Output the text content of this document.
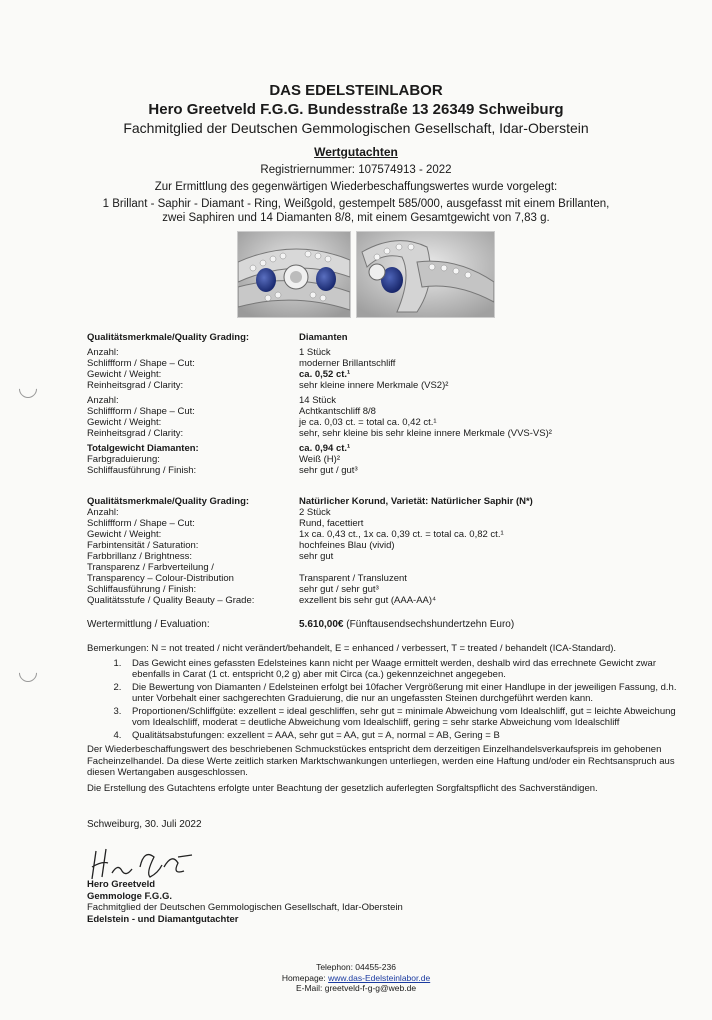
DAS EDELSTEINLABOR
Hero Greetveld F.G.G. Bundesstraße 13 26349 Schweiburg
Fachmitglied der Deutschen Gemmologischen Gesellschaft, Idar-Oberstein
Wertgutachten
Registriernummer: 107574913 - 2022
Zur Ermittlung des gegenwärtigen Wiederbeschaffungswertes wurde vorgelegt:
1 Brillant - Saphir - Diamant - Ring, Weißgold, gestempelt 585/000, ausgefasst mit einem Brillanten,
zwei Saphiren und 14 Diamanten 8/8, mit einem Gesamtgewicht von 7,83 g.
Qualitätsmerkmale/Quality Grading:	Diamanten
Anzahl:	1 Stück
Schliffform / Shape – Cut:	moderner Brillantschliff
Gewicht / Weight:	ca. 0,52 ct.¹
Reinheitsgrad / Clarity:	sehr kleine innere Merkmale (VS2)²
Anzahl:	14 Stück
Schliffform / Shape – Cut:	Achtkantschliff 8/8
Gewicht / Weight:	je ca. 0,03 ct. = total ca. 0,42 ct.¹
Reinheitsgrad / Clarity:	sehr, sehr kleine bis sehr kleine innere Merkmale (VVS-VS)²
Totalgewicht Diamanten:	ca. 0,94 ct.¹
Farbgraduierung:	Weiß (H)²
Schliffausführung / Finish:	sehr gut / gut³
Qualitätsmerkmale/Quality Grading:	Natürlicher Korund, Varietät: Natürlicher Saphir (N*)
Anzahl:	2 Stück
Schliffform / Shape – Cut:	Rund, facettiert
Gewicht / Weight:	1x ca. 0,43 ct., 1x ca. 0,39 ct. = total ca. 0,82 ct.¹
Farbintensität / Saturation:	hochfeines Blau (vivid)
Farbbrillanz / Brightness:	sehr gut
Transparenz / Farbverteilung /
Transparency – Colour-Distribution	Transparent / Transluzent
Schliffausführung / Finish:	sehr gut / sehr gut³
Qualitätsstufe / Quality Beauty – Grade:	exzellent bis sehr gut (AAA-AA)⁴
Wertermittlung / Evaluation:	5.610,00€ (Fünftausendsechshundertzehn Euro)
Bemerkungen: N = not treated / nicht verändert/behandelt, E = enhanced / verbessert, T = treated / behandelt (ICA-Standard).
1. Das Gewicht eines gefassten Edelsteines kann nicht per Waage ermittelt werden, deshalb wird das errechnete Gewicht zwar ebenfalls in Carat (1 ct. entspricht 0,2 g) aber mit Circa (ca.) gekennzeichnet angegeben.
2. Die Bewertung von Diamanten / Edelsteinen erfolgt bei 10facher Vergrößerung mit einer Handlupe in der jeweiligen Fassung, d.h. unter Vorbehalt einer sachgerechten Graduierung, die nur an ungefassten Steinen durchgeführt werden kann.
3. Proportionen/Schliffgüte: exzellent = ideal geschliffen, sehr gut = minimale Abweichung vom Idealschliff, gut = leichte Abweichung vom Idealschliff, moderat = deutliche Abweichung vom Idealschliff, gering = sehr starke Abweichung vom Idealschliff
4. Qualitätsabstufungen: exzellent = AAA, sehr gut = AA, gut = A, normal = AB, Gering = B
Der Wiederbeschaffungswert des beschriebenen Schmuckstückes entspricht dem derzeitigen Einzelhandelsverkaufspreis im gehobenen Facheinzelhandel. Da diese Werte zeitlich starken Marktschwankungen unterliegen, werden eine Haftung und/oder ein Rechtsanspruch aus diesen Wertangaben ausgeschlossen.
Die Erstellung des Gutachtens erfolgte unter Beachtung der gesetzlich auferlegten Sorgfaltspflicht des Sachverständigen.
Schweiburg, 30. Juli 2022
Hero Greetveld
Gemmologe F.G.G.
Fachmitglied der Deutschen Gemmologischen Gesellschaft, Idar-Oberstein
Edelstein - und Diamantgutachter
Telephon: 04455-236
Homepage: www.das-Edelsteinlabor.de
E-Mail: greetveld-f-g-g@web.de
